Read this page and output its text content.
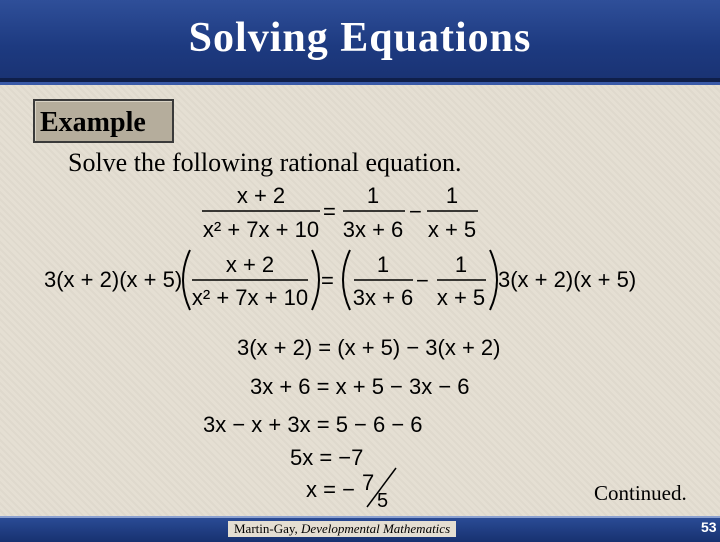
Solving Equations
Example
Solve the following rational equation.
x + 2
x² + 7x + 10
=
1
3x + 6
−
1
x + 5
3(x + 2)(x + 5)
x + 2
x² + 7x + 10
=
1
3x + 6
−
1
x + 5
3(x + 2)(x + 5)
3(x + 2) = (x + 5) − 3(x + 2)
3x + 6 = x + 5 − 3x − 6
3x − x + 3x = 5 − 6 − 6
5x = −7
x = − 7
5	Continued.
Martin-Gay, Developmental Mathematics	53
